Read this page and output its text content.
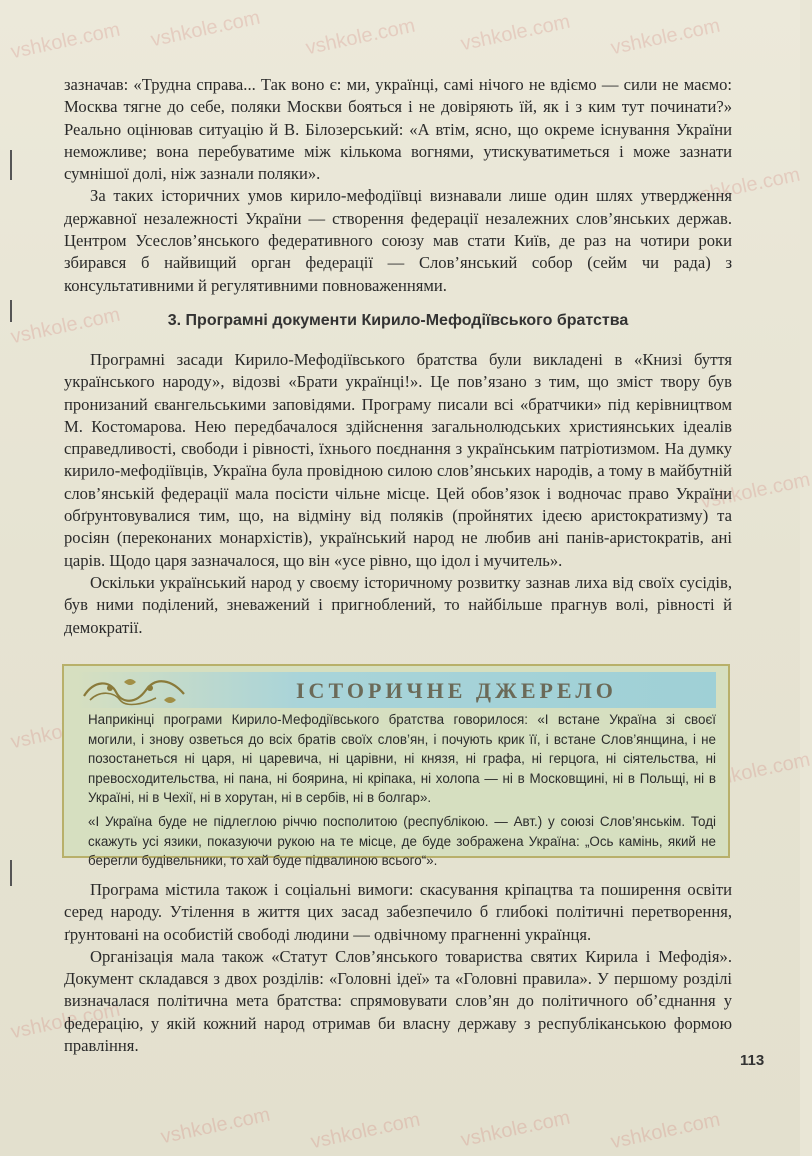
vshkole.com vshkole.com vshkole.com vshkole.com vshkole.com
vshkole.com
vshkole.com
vshkole.com
vshkole.com
vshkole.com
vshkole.com vshkole.com vshkole.com vshkole.com

зазначав: «Трудна справа... Так воно є: ми, українці, самі нічого не вдіємо — сили не маємо: Москва тягне до себе, поляки Москви бояться і не довіряють їй, як і з ким тут починати?» Реально оцінював ситуацію й В. Білозерський: «А втім, ясно, що окреме існування України неможливе; вона перебуватиме між кількома вогнями, утискуватиметься і може зазнати сумнішої долі, ніж зазнали поляки».

За таких історичних умов кирило-мефодіївці визнавали лише один шлях утвердження державної незалежності України — створення федерації незалежних слов’янських держав. Центром Усеслов’янського федеративного союзу мав стати Київ, де раз на чотири роки збирався б найвищий орган федерації — Слов’янський собор (сейм чи рада) з консультативними й регулятивними повноваженнями.

3. Програмні документи Кирило-Мефодіївського братства

Програмні засади Кирило-Мефодіївського братства були викладені в «Книзі буття українського народу», відозві «Брати українці!». Це пов’язано з тим, що зміст твору був пронизаний євангельськими заповідями. Програму писали всі «братчики» під керівництвом М. Костомарова. Нею передбачалося здійснення загальнолюдських християнських ідеалів справедливості, свободи і рівності, їхнього поєднання з українським патріотизмом. На думку кирило-мефодіївців, Україна була провідною силою слов’янських народів, а тому в майбутній слов’янській федерації мала посісти чільне місце. Цей обов’язок і водночас право України обґрунтовувалися тим, що, на відміну від поляків (пройнятих ідеєю аристократизму) та росіян (переконаних монархістів), український народ не любив ані панів-аристократів, ані царів. Щодо царя зазначалося, що він «усе рівно, що ідол і мучитель».

Оскільки український народ у своєму історичному розвитку зазнав лиха від своїх сусідів, був ними поділений, зневажений і пригноблений, то найбільше прагнув волі, рівності й демократії.

ІСТОРИЧНЕ ДЖЕРЕЛО

Наприкінці програми Кирило-Мефодіївського братства говорилося: «І встане Україна зі своєї могили, і знову озветься до всіх братів своїх слов’ян, і почують крик її, і встане Слов’янщина, і не позостанеться ні царя, ні царевича, ні царівни, ні князя, ні графа, ні герцога, ні сіятельства, ні превосходительства, ні пана, ні боярина, ні кріпака, ні холопа — ні в Московщині, ні в Польщі, ні в Україні, ні в Чехії, ні в хорутан, ні в сербів, ні в болгар».

«І Україна буде не підлеглою річчю посполитою (республікою. — Авт.) у союзі Слов’янськім. Тоді скажуть усі язики, показуючи рукою на те місце, де буде зображена Україна: „Ось камінь, який не берегли будівельники, то хай буде підвалиною всього“».

Програма містила також і соціальні вимоги: скасування кріпацтва та поширення освіти серед народу. Утілення в життя цих засад забезпечило б глибокі політичні перетворення, ґрунтовані на особистій свободі людини — одвічному прагненні українця.

Організація мала також «Статут Слов’янського товариства святих Кирила і Мефодія». Документ складався з двох розділів: «Головні ідеї» та «Головні правила». У першому розділі визначалася політична мета братства: спрямовувати слов’ян до політичного об’єднання у федерацію, у якій кожний народ отримав би власну державу з республіканською формою правління.

113
